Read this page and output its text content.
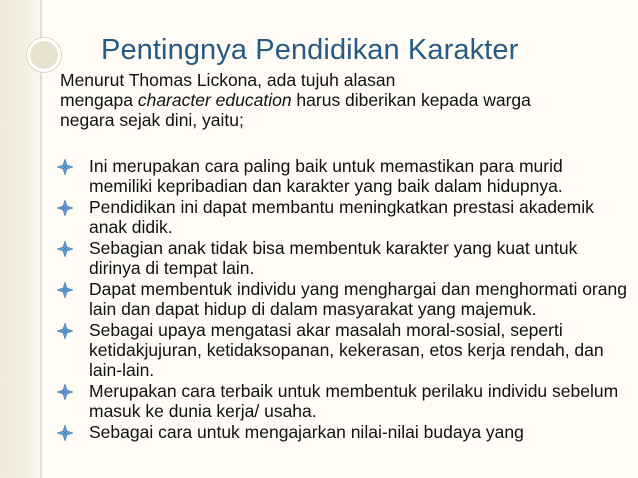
Pentingnya Pendidikan Karakter
Menurut Thomas Lickona, ada tujuh alasan
mengapa character education harus diberikan kepada warga
negara sejak dini, yaitu;
Ini merupakan cara paling baik untuk memastikan para murid memiliki kepribadian dan karakter yang baik dalam hidupnya.
Pendidikan ini dapat membantu meningkatkan prestasi akademik anak didik.
Sebagian anak tidak bisa membentuk karakter yang kuat untuk dirinya di tempat lain.
Dapat membentuk individu yang menghargai dan menghormati orang lain dan dapat hidup di dalam masyarakat yang majemuk.
Sebagai upaya mengatasi akar masalah moral-sosial, seperti ketidakjujuran, ketidaksopanan, kekerasan, etos kerja rendah, dan lain-lain.
Merupakan cara terbaik untuk membentuk perilaku individu sebelum masuk ke dunia kerja/ usaha.
Sebagai cara untuk mengajarkan nilai-nilai budaya yang
